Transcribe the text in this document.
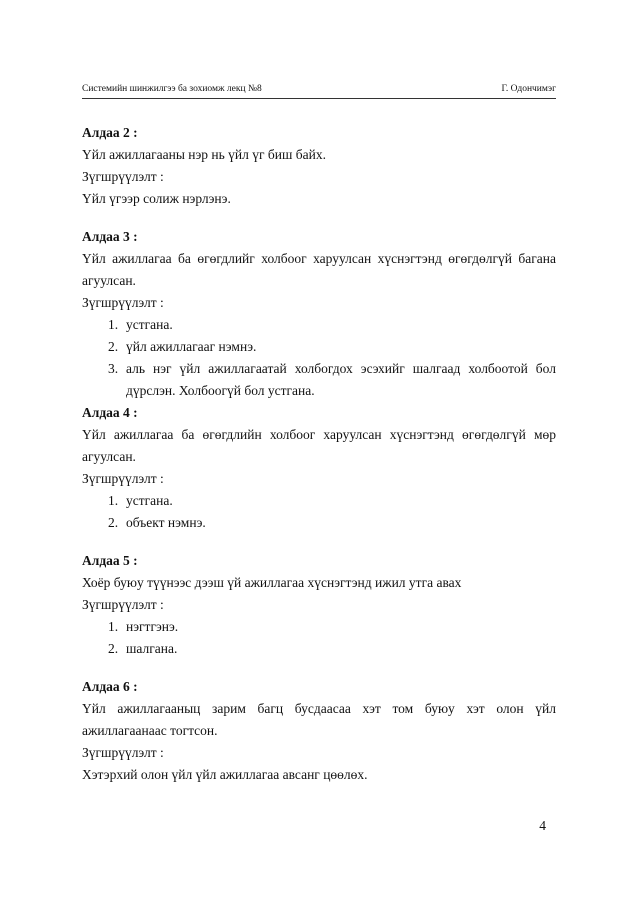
Системийн шинжилгээ ба зохиомж лекц №8	Г. Одончимэг

Алдаа 2 :

Үйл ажиллагааны нэр нь үйл үг биш байх.

Зүгшрүүлэлт :

Үйл үгээр солиж нэрлэнэ.

Алдаа 3 :

Үйл ажиллагаа ба өгөгдлийг холбоог харуулсан хүснэгтэнд өгөгдөлгүй багана агуулсан.

Зүгшрүүлэлт :

1. устгана.
2. үйл ажиллагааг нэмнэ.
3. аль нэг үйл ажиллагаатай холбогдох эсэхийг шалгаад холбоотой бол дүрслэн. Холбоогүй бол устгана.

Алдаа 4 :

Үйл ажиллагаа ба өгөгдлийн холбоог харуулсан хүснэгтэнд өгөгдөлгүй мөр агуулсан.

Зүгшрүүлэлт :

1. устгана.
2. объект нэмнэ.

Алдаа 5 :

Хоёр буюу түүнээс дээш үй ажиллагаа хүснэгтэнд ижил утга авах

Зүгшрүүлэлт :

1. нэгтгэнэ.
2. шалгана.

Алдаа 6 :

Үйл ажиллагааныц зарим багц бусдаасаа хэт том буюу хэт олон үйл ажиллагаанаас тогтсон.

Зүгшрүүлэлт :

Хэтэрхий олон үйл үйл ажиллагаа авсанг цөөлөх.

4
